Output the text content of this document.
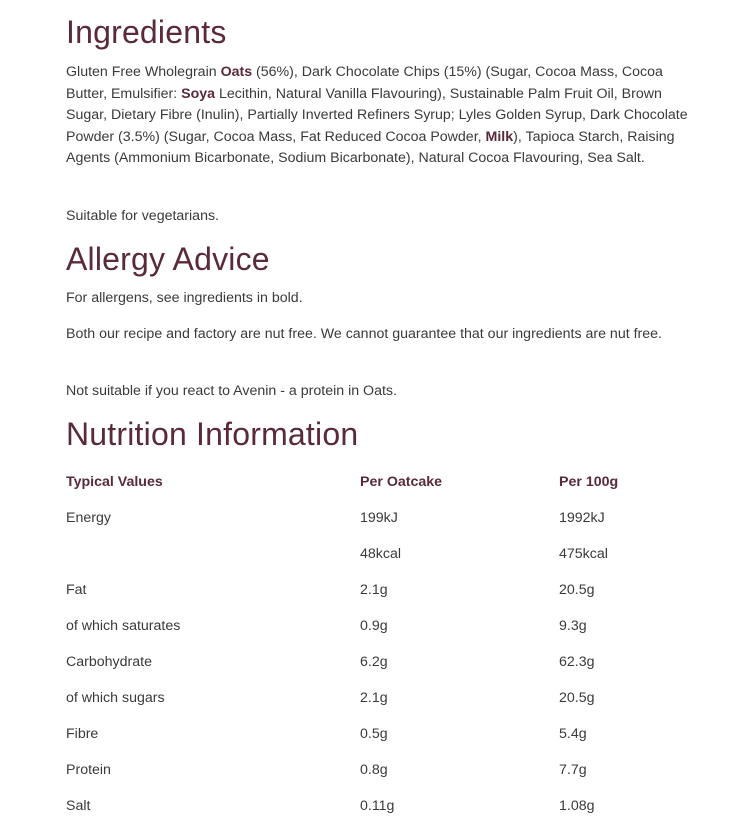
Ingredients

Gluten Free Wholegrain Oats (56%), Dark Chocolate Chips (15%) (Sugar, Cocoa Mass, Cocoa Butter, Emulsifier: Soya Lecithin, Natural Vanilla Flavouring), Sustainable Palm Fruit Oil, Brown Sugar, Dietary Fibre (Inulin), Partially Inverted Refiners Syrup; Lyles Golden Syrup, Dark Chocolate Powder (3.5%) (Sugar, Cocoa Mass, Fat Reduced Cocoa Powder, Milk), Tapioca Starch, Raising Agents (Ammonium Bicarbonate, Sodium Bicarbonate), Natural Cocoa Flavouring, Sea Salt.

Suitable for vegetarians.

Allergy Advice

For allergens, see ingredients in bold.

Both our recipe and factory are nut free. We cannot guarantee that our ingredients are nut free.

Not suitable if you react to Avenin - a protein in Oats.

Nutrition Information
Typical Values	Per Oatcake	Per 100g
Energy	199kJ	1992kJ
	48kcal	475kcal
Fat	2.1g	20.5g
of which saturates	0.9g	9.3g
Carbohydrate	6.2g	62.3g
of which sugars	2.1g	20.5g
Fibre	0.5g	5.4g
Protein	0.8g	7.7g
Salt	0.11g	1.08g
